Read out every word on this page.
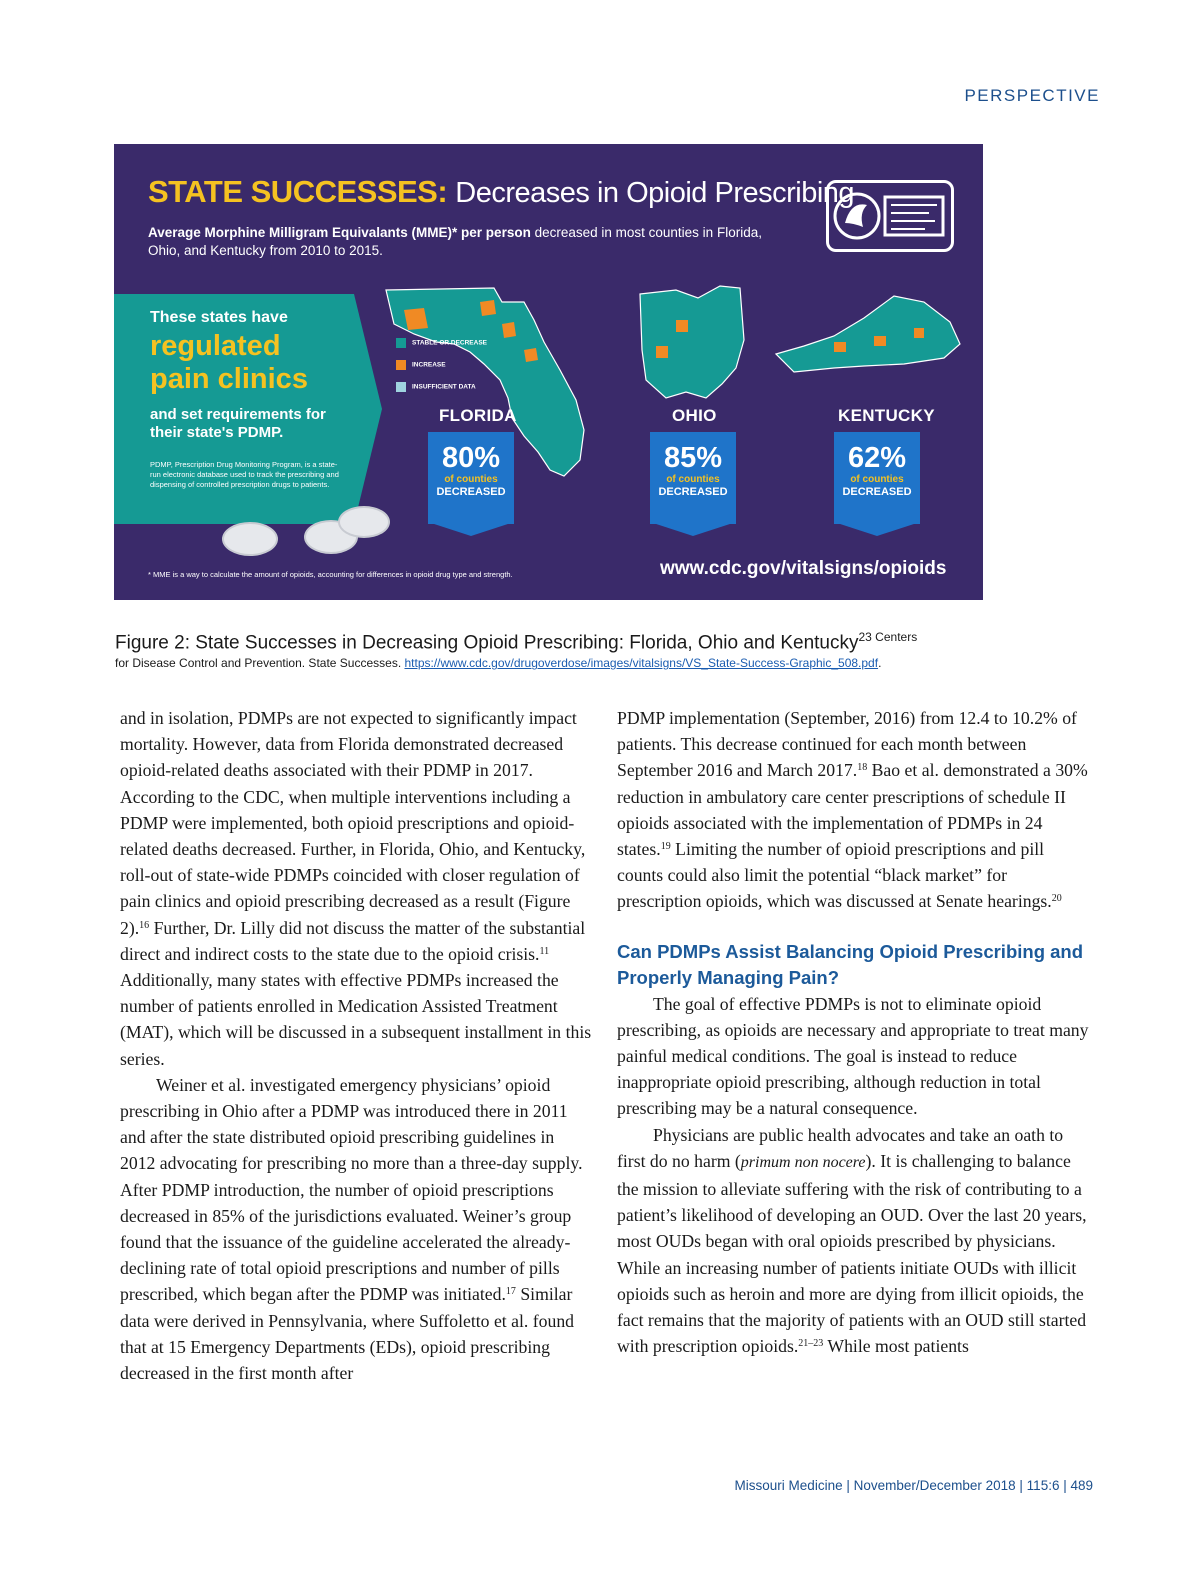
PERSPECTIVE
STATE SUCCESSES: Decreases in Opioid Prescribing
Average Morphine Milligram Equivalants (MME)* per person decreased in most counties in Florida, Ohio, and Kentucky from 2010 to 2015.
These states have
regulated pain clinics
and set requirements for their state's PDMP.
PDMP, Prescription Drug Monitoring Program, is a state-run electronic database used to track the prescribing and dispensing of controlled prescription drugs to patients.
STABLE OR DECREASE
INCREASE
INSUFFICIENT DATA
FLORIDA	OHIO	KENTUCKY
80%
of counties
DECREASED
85%
of counties
DECREASED
62%
of counties
DECREASED
* MME is a way to calculate the amount of opioids, accounting for differences in opioid drug type and strength.	www.cdc.gov/vitalsigns/opioids
Figure 2: State Successes in Decreasing Opioid Prescribing: Florida, Ohio and Kentucky$^{23}$ $^{Centers}$
for Disease Control and Prevention. State Successes. https://www.cdc.gov/drugoverdose/images/vitalsigns/VS_State-Success-Graphic_508.pdf.

and in isolation, PDMPs are not expected to significantly impact mortality. However, data from Florida demonstrated decreased opioid-related deaths associated with their PDMP in 2017. According to the CDC, when multiple interventions including a PDMP were implemented, both opioid prescriptions and opioid-related deaths decreased. Further, in Florida, Ohio, and Kentucky, roll-out of state-wide PDMPs coincided with closer regulation of pain clinics and opioid prescribing decreased as a result (Figure 2).$^{16}$ Further, Dr. Lilly did not discuss the matter of the substantial direct and indirect costs to the state due to the opioid crisis.$^{11}$ Additionally, many states with effective PDMPs increased the number of patients enrolled in Medication Assisted Treatment (MAT), which will be discussed in a subsequent installment in this series.

Weiner et al. investigated emergency physicians’ opioid prescribing in Ohio after a PDMP was introduced there in 2011 and after the state distributed opioid prescribing guidelines in 2012 advocating for prescribing no more than a three-day supply. After PDMP introduction, the number of opioid prescriptions decreased in 85% of the jurisdictions evaluated. Weiner’s group found that the issuance of the guideline accelerated the already-declining rate of total opioid prescriptions and number of pills prescribed, which began after the PDMP was initiated.$^{17}$ Similar data were derived in Pennsylvania, where Suffoletto et al. found that at 15 Emergency Departments (EDs), opioid prescribing decreased in the first month after

PDMP implementation (September, 2016) from 12.4 to 10.2% of patients. This decrease continued for each month between September 2016 and March 2017.18 Bao et al. demonstrated a 30% reduction in ambulatory care center prescriptions of schedule II opioids associated with the implementation of PDMPs in 24 states.$^{19}$ Limiting the number of opioid prescriptions and pill counts could also limit the potential “black market” for prescription opioids, which was discussed at Senate hearings.$^{20}$

Can PDMPs Assist Balancing Opioid Prescribing and Properly Managing Pain?

The goal of effective PDMPs is not to eliminate opioid prescribing, as opioids are necessary and appropriate to treat many painful medical conditions. The goal is instead to reduce inappropriate opioid prescribing, although reduction in total prescribing may be a natural consequence.

Physicians are public health advocates and take an oath to first do no harm (primum non nocere). It is challenging to balance the mission to alleviate suffering with the risk of contributing to a patient’s likelihood of developing an OUD. Over the last 20 years, most OUDs began with oral opioids prescribed by physicians. While an increasing number of patients initiate OUDs with illicit opioids such as heroin and more are dying from illicit opioids, the fact remains that the majority of patients with an OUD still started with prescription opioids.$^{21-23}$ While most patients

Missouri Medicine | November/December 2018 | 115:6 | 489
